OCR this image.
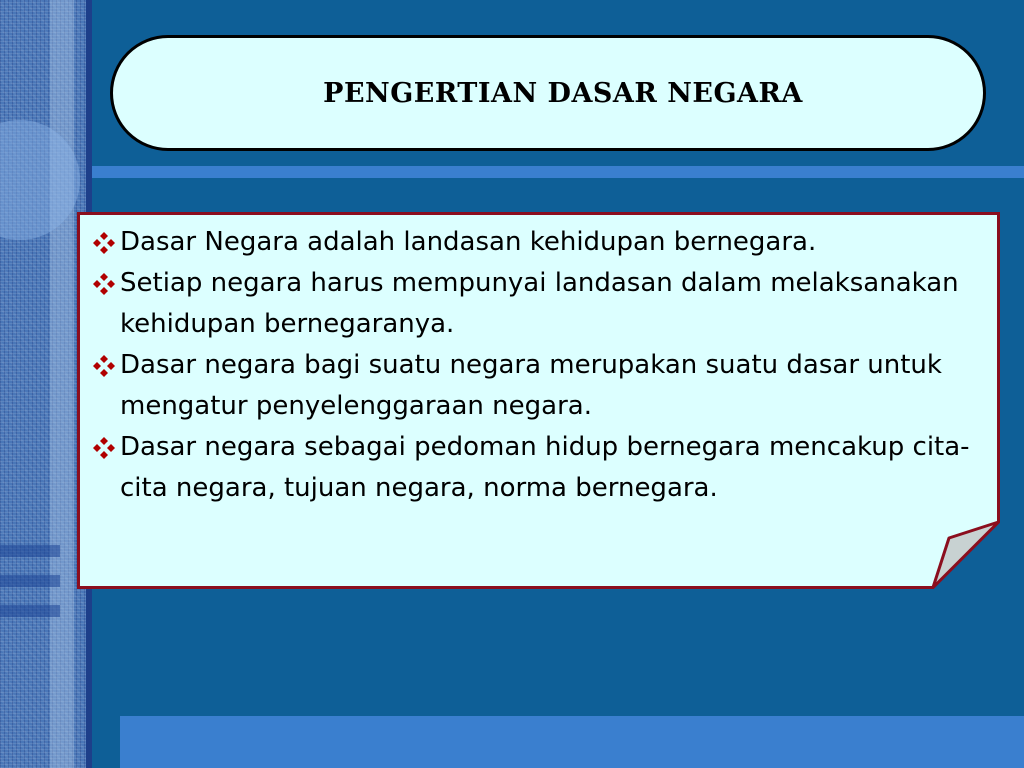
PENGERTIAN DASAR NEGARA
Dasar Negara adalah landasan kehidupan bernegara.
Setiap negara harus mempunyai landasan dalam melaksanakan kehidupan bernegaranya.
Dasar negara bagi suatu negara merupakan suatu dasar untuk mengatur penyelenggaraan negara.
Dasar negara sebagai pedoman hidup bernegara mencakup cita-cita negara, tujuan negara, norma bernegara.
